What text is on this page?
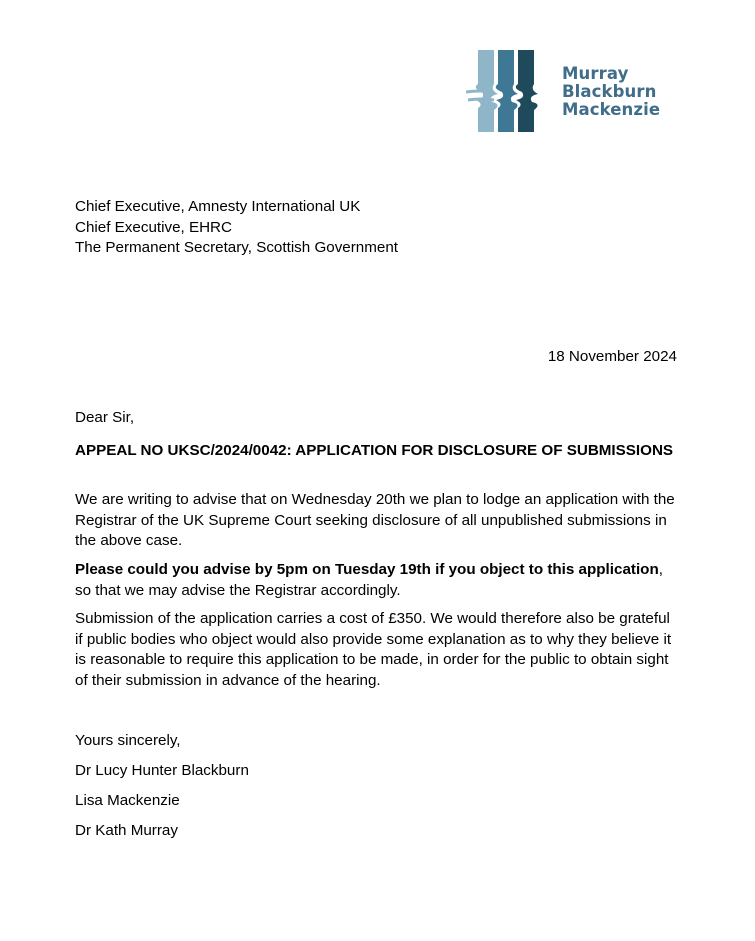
Murray
Blackburn
Mackenzie
Chief Executive, Amnesty International UK
Chief Executive, EHRC
The Permanent Secretary, Scottish Government
18 November 2024
Dear Sir,
APPEAL NO UKSC/2024/0042: APPLICATION FOR DISCLOSURE OF SUBMISSIONS
We are writing to advise that on Wednesday 20th we plan to lodge an application with the Registrar of the UK Supreme Court seeking disclosure of all unpublished submissions in the above case.
Please could you advise by 5pm on Tuesday 19th if you object to this application, so that we may advise the Registrar accordingly.
Submission of the application carries a cost of £350. We would therefore also be grateful if public bodies who object would also provide some explanation as to why they believe it is reasonable to require this application to be made, in order for the public to obtain sight of their submission in advance of the hearing.
Yours sincerely,
Dr Lucy Hunter Blackburn
Lisa Mackenzie
Dr Kath Murray
